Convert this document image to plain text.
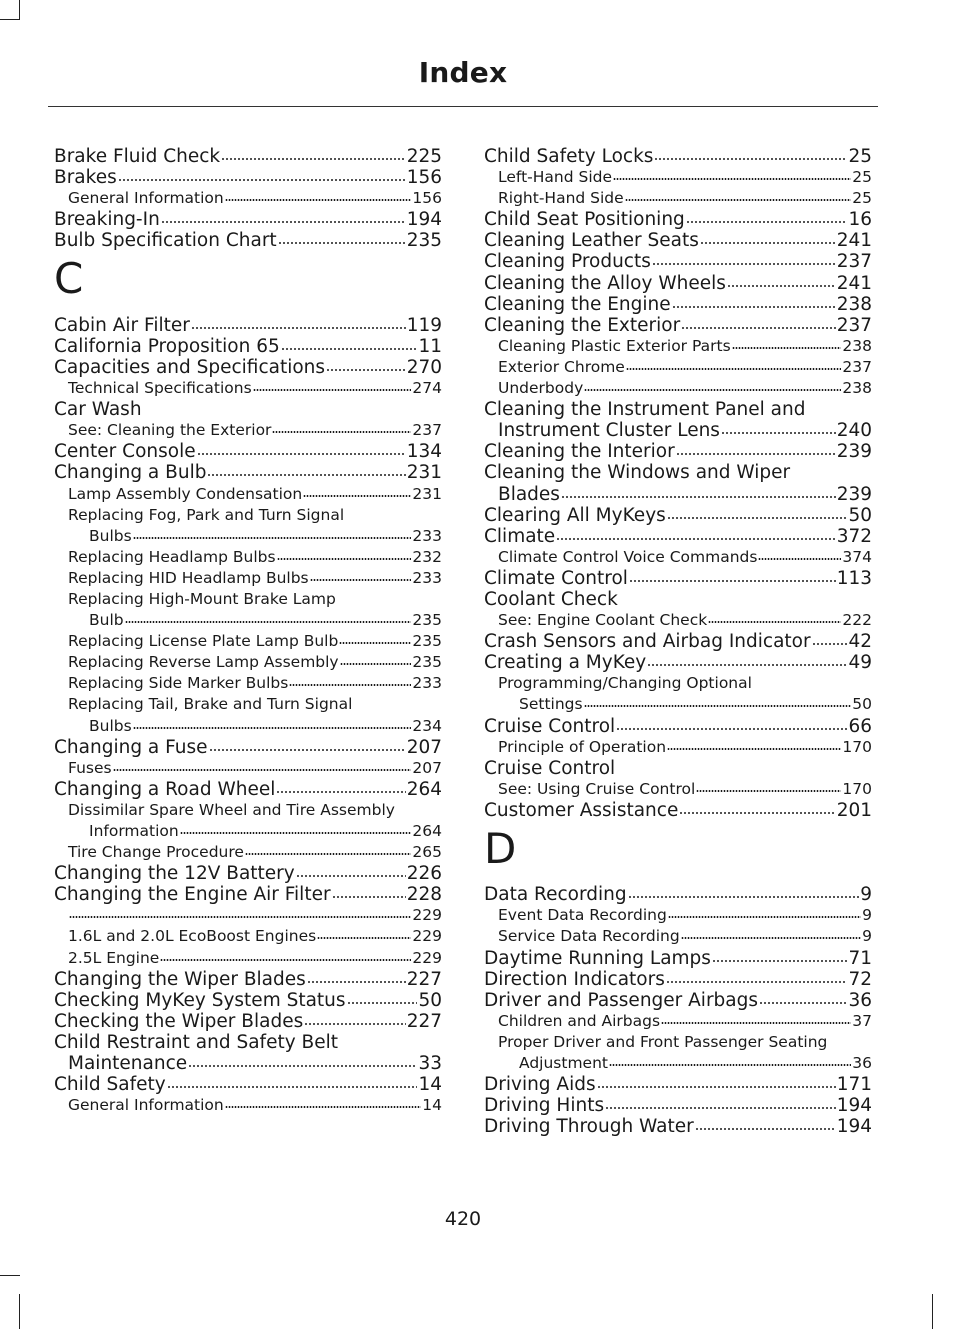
Index
Brake Fluid Check	225
Brakes	156
General Information	156
Breaking-In	194
Bulb Specification Chart	235
C
Cabin Air Filter	119
California Proposition 65	11
Capacities and Specifications	270
Technical Specifications	274
Car Wash
See: Cleaning the Exterior	237
Center Console	134
Changing a Bulb	231
Lamp Assembly Condensation	231
Replacing Fog, Park and Turn Signal
Bulbs	233
Replacing Headlamp Bulbs	232
Replacing HID Headlamp Bulbs	233
Replacing High-Mount Brake Lamp
Bulb	235
Replacing License Plate Lamp Bulb	235
Replacing Reverse Lamp Assembly	235
Replacing Side Marker Bulbs	233
Replacing Tail, Brake and Turn Signal
Bulbs	234
Changing a Fuse	207
Fuses	207
Changing a Road Wheel	264
Dissimilar Spare Wheel and Tire Assembly
Information	264
Tire Change Procedure	265
Changing the 12V Battery	226
Changing the Engine Air Filter	228
229
1.6L and 2.0L EcoBoost Engines	229
2.5L Engine	229
Changing the Wiper Blades	227
Checking MyKey System Status	50
Checking the Wiper Blades	227
Child Restraint and Safety Belt
Maintenance	33
Child Safety	14
General Information	14
Child Safety Locks	25
Left-Hand Side	25
Right-Hand Side	25
Child Seat Positioning	16
Cleaning Leather Seats	241
Cleaning Products	237
Cleaning the Alloy Wheels	241
Cleaning the Engine	238
Cleaning the Exterior	237
Cleaning Plastic Exterior Parts	238
Exterior Chrome	237
Underbody	238
Cleaning the Instrument Panel and
Instrument Cluster Lens	240
Cleaning the Interior	239
Cleaning the Windows and Wiper
Blades	239
Clearing All MyKeys	50
Climate	372
Climate Control Voice Commands	374
Climate Control	113
Coolant Check
See: Engine Coolant Check	222
Crash Sensors and Airbag Indicator 42
Creating a MyKey	49
Programming/Changing Optional
Settings	50
Cruise Control	66
Principle of Operation	170
Cruise Control
See: Using Cruise Control	170
Customer Assistance	201
D
Data Recording	9
Event Data Recording	9
Service Data Recording	9
Daytime Running Lamps	71
Direction Indicators	72
Driver and Passenger Airbags	36
Children and Airbags	37
Proper Driver and Front Passenger Seating
Adjustment	36
Driving Aids	171
Driving Hints	194
Driving Through Water	194
420
